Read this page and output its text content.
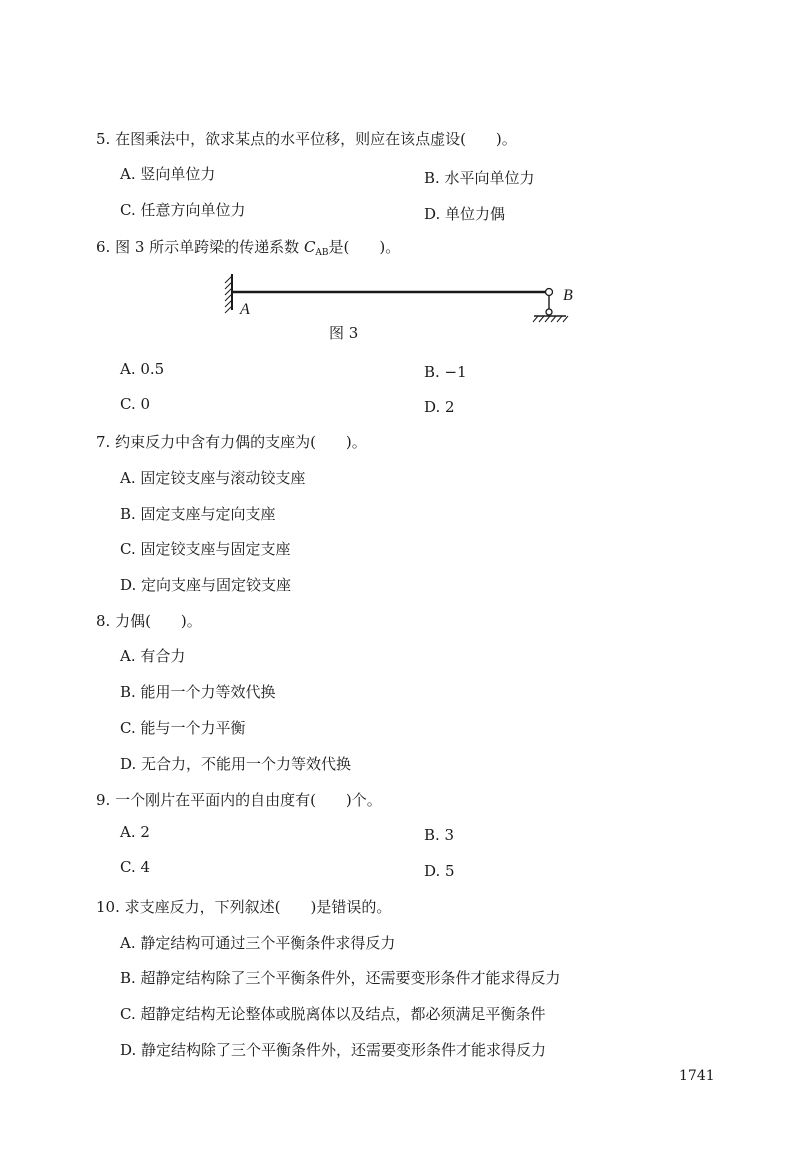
5. 在图乘法中，欲求某点的水平位移，则应在该点虚设(　　)。
A. 竖向单位力	B. 水平向单位力
C. 任意方向单位力	D. 单位力偶
6. 图 3 所示单跨梁的传递系数 $C_{AB}$是(　　)。
A
B
图 3
A. 0.5	B. −1
C. 0	D. 2
7. 约束反力中含有力偶的支座为(　　)。
A. 固定铰支座与滚动铰支座
B. 固定支座与定向支座
C. 固定铰支座与固定支座
D. 定向支座与固定铰支座
8. 力偶(　　)。
A. 有合力
B. 能用一个力等效代换
C. 能与一个力平衡
D. 无合力，不能用一个力等效代换
9. 一个刚片在平面内的自由度有(　　)个。
A. 2	B. 3
C. 4	D. 5
10. 求支座反力，下列叙述(　　)是错误的。
A. 静定结构可通过三个平衡条件求得反力
B. 超静定结构除了三个平衡条件外，还需要变形条件才能求得反力
C. 超静定结构无论整体或脱离体以及结点，都必须满足平衡条件
D. 静定结构除了三个平衡条件外，还需要变形条件才能求得反力
1741
